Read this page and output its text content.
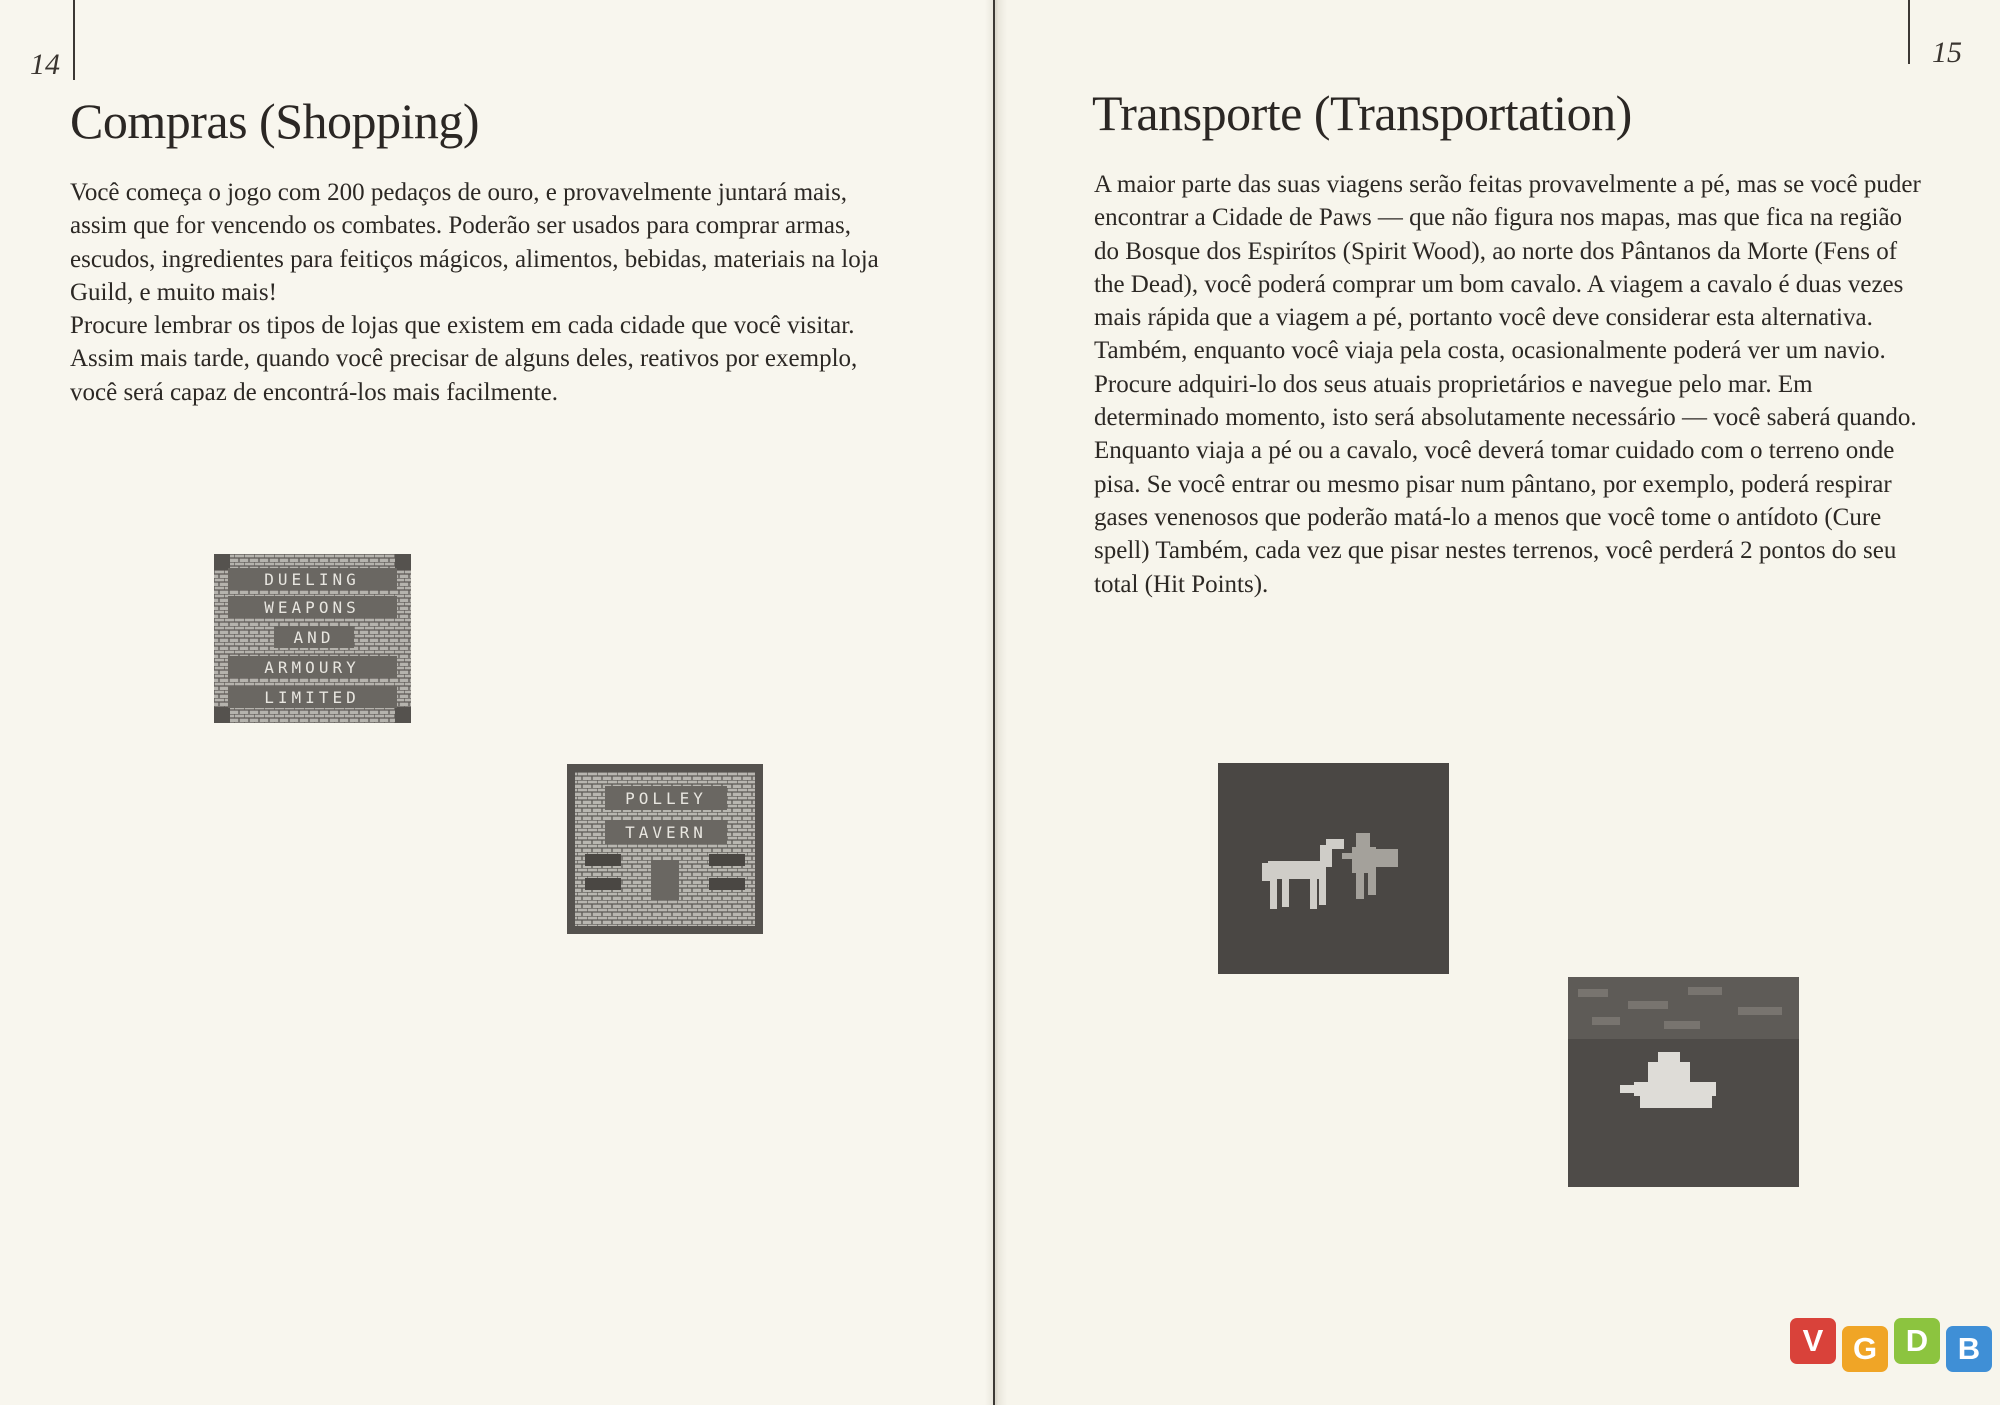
14
Compras (Shopping)

Você começa o jogo com 200 pedaços de ouro, e provavelmente juntará mais, assim que for vencendo os combates. Poderão ser usados para comprar armas, escudos, ingredientes para feitiços mágicos, alimentos, bebidas, materiais na loja Guild, e muito mais!

Procure lembrar os tipos de lojas que existem em cada cidade que você visitar. Assim mais tarde, quando você precisar de alguns deles, reativos por exemplo, você será capaz de encontrá-los mais facilmente.

DUELING
WEAPONS
AND
ARMOURY
LIMITED
POLLEY
TAVERN
15
Transporte (Transportation)

A maior parte das suas viagens serão feitas provavelmente a pé, mas se você puder encontrar a Cidade de Paws — que não figura nos mapas, mas que fica na região do Bosque dos Espirítos (Spirit Wood), ao norte dos Pântanos da Morte (Fens of the Dead), você poderá comprar um bom cavalo. A viagem a cavalo é duas vezes mais rápida que a viagem a pé, portanto você deve considerar esta alternativa. Também, enquanto você viaja pela costa, ocasionalmente poderá ver um navio. Procure adquiri-lo dos seus atuais proprietários e navegue pelo mar. Em determinado momento, isto será absolutamente necessário — você saberá quando.

Enquanto viaja a pé ou a cavalo, você deverá tomar cuidado com o terreno onde pisa. Se você entrar ou mesmo pisar num pântano, por exemplo, poderá respirar gases venenosos que poderão matá-lo a menos que você tome o antídoto (Cure spell) Também, cada vez que pisar nestes terrenos, você perderá 2 pontos do seu total (Hit Points).

V G D B
